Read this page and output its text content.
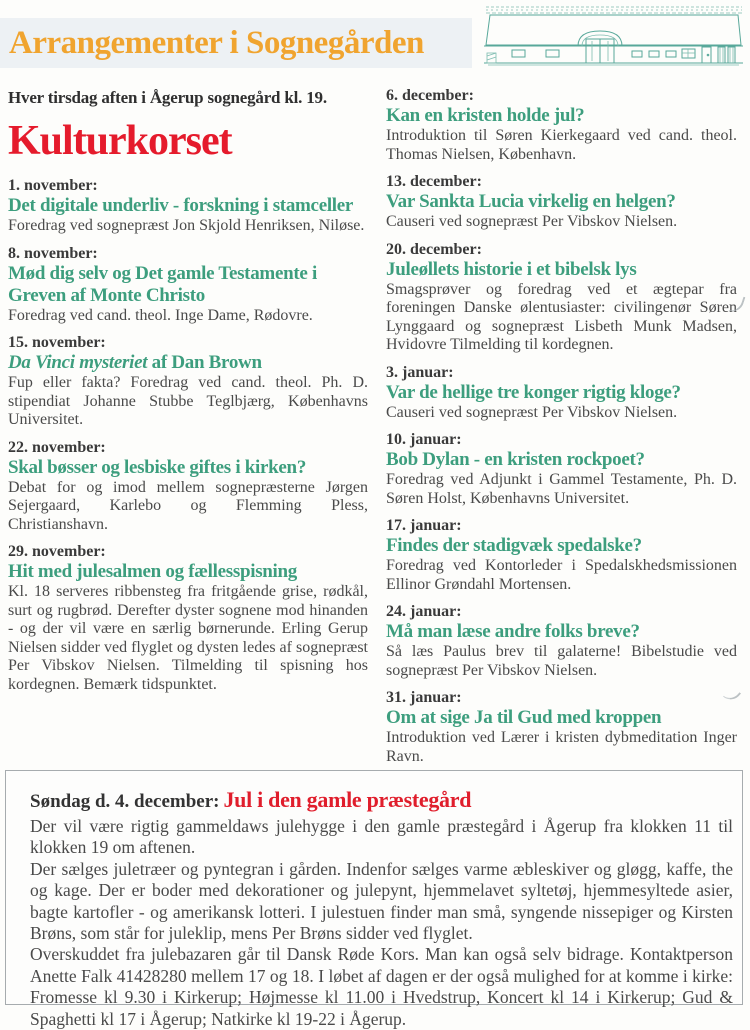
Arrangementer i Sognegården
Hver tirsdag aften i Ågerup sognegård kl. 19.
Kulturkorset
1. november:
Det digitale underliv - forskning i stamceller

Foredrag ved sognepræst Jon Skjold Henriksen, Niløse.

8. november:
Mød dig selv og Det gamle Testamente i Greven af Monte Christo

Foredrag ved cand. theol. Inge Dame, Rødovre.

15. november:
Da Vinci mysteriet af Dan Brown

Fup eller fakta? Foredrag ved cand. theol. Ph. D. stipendiat Johanne Stubbe Teglbjærg, Københavns Universitet.

22. november:
Skal bøsser og lesbiske giftes i kirken?

Debat for og imod mellem sognepræsterne Jørgen Sejergaard, Karlebo og Flemming Pless, Christianshavn.

29. november:
Hit med julesalmen og fællesspisning

Kl. 18 serveres ribbensteg fra fritgående grise, rødkål, surt og rugbrød. Derefter dyster sognene mod hinanden - og der vil være en særlig børnerunde. Erling Gerup Nielsen sidder ved flyglet og dysten ledes af sognepræst Per Vibskov Nielsen. Tilmelding til spisning hos kordegnen. Bemærk tidspunktet.

6. december:
Kan en kristen holde jul?

Introduktion til Søren Kierkegaard ved cand. theol. Thomas Nielsen, København.

13. december:
Var Sankta Lucia virkelig en helgen?

Causeri ved sognepræst Per Vibskov Nielsen.

20. december:
Juleøllets historie i et bibelsk lys

Smagsprøver og foredrag ved et ægtepar fra foreningen Danske ølentusiaster: civilingenør Søren Lynggaard og sognepræst Lisbeth Munk Madsen, Hvidovre Tilmelding til kordegnen.

3. januar:
Var de hellige tre konger rigtig kloge?

Causeri ved sognepræst Per Vibskov Nielsen.

10. januar:
Bob Dylan - en kristen rockpoet?

Foredrag ved Adjunkt i Gammel Testamente, Ph. D. Søren Holst, Københavns Universitet.

17. januar:
Findes der stadigvæk spedalske?

Foredrag ved Kontorleder i Spedalskhedsmissionen Ellinor Grøndahl Mortensen.

24. januar:
Må man læse andre folks breve?

Så læs Paulus brev til galaterne! Bibelstudie ved sognepræst Per Vibskov Nielsen.

31. januar:
Om at sige Ja til Gud med kroppen

Introduktion ved Lærer i kristen dybmeditation Inger Ravn.

Søndag d. 4. december: Jul i den gamle præstegård

Der vil være rigtig gammeldaws julehygge i den gamle præstegård i Ågerup fra klokken 11 til klokken 19 om aftenen.

Der sælges juletræer og pyntegran i gården. Indenfor sælges varme æbleskiver og gløgg, kaffe, the og kage. Der er boder med dekorationer og julepynt, hjemmelavet syltetøj, hjemmesyltede asier, bagte kartofler - og amerikansk lotteri. I julestuen finder man små, syngende nissepiger og Kirsten Brøns, som står for juleklip, mens Per Brøns sidder ved flyglet.

Overskuddet fra julebazaren går til Dansk Røde Kors. Man kan også selv bidrage. Kontaktperson Anette Falk 41428280 mellem 17 og 18. I løbet af dagen er der også mulighed for at komme i kirke: Fromesse kl 9.30 i Kirkerup; Højmesse kl 11.00 i Hvedstrup, Koncert kl 14 i Kirkerup; Gud & Spaghetti kl 17 i Ågerup; Natkirke kl 19-22 i Ågerup.
